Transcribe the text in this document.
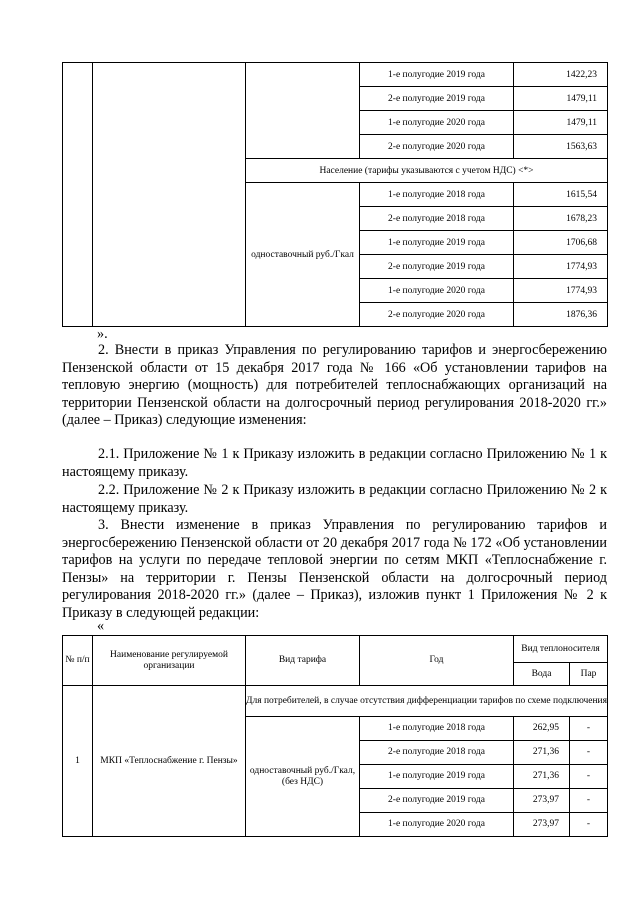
			1-е полугодие 2019 года	1422,23
			2-е полугодие 2019 года	1479,11
			1-е полугодие 2020 года	1479,11
			2-е полугодие 2020 года	1563,63
		Население (тарифы указываются с учетом НДС) <*>		
		одноставочный руб./Гкал	1-е полугодие 2018 года	1615,54
			2-е полугодие 2018 года	1678,23
			1-е полугодие 2019 года	1706,68
			2-е полугодие 2019 года	1774,93
			1-е полугодие 2020 года	1774,93
			2-е полугодие 2020 года	1876,36

».

2. Внести в приказ Управления по регулированию тарифов и энергосбережению Пензенской области от 15 декабря 2017 года № 166 «Об установлении тарифов на тепловую энергию (мощность) для потребителей теплоснабжающих организаций на территории Пензенской области на долгосрочный период регулирования 2018-2020 гг.» (далее – Приказ) следующие изменения:

2.1. Приложение № 1 к Приказу изложить в редакции согласно Приложению № 1 к настоящему приказу.

2.2. Приложение № 2 к Приказу изложить в редакции согласно Приложению № 2 к настоящему приказу.

3. Внести изменение в приказ Управления по регулированию тарифов и энергосбережению Пензенской области от 20 декабря 2017 года № 172 «Об установлении тарифов на услуги по передаче тепловой энергии по сетям МКП «Теплоснабжение г. Пензы» на территории г. Пензы Пензенской области на долгосрочный период регулирования 2018-2020 гг.» (далее – Приказ), изложив пункт 1 Приложения № 2 к Приказу в следующей редакции:

«

№ п/п	Наименование регулируемой организации	Вид тарифа	Год	Вид теплоносителя	
				Вода	Пар
1	МКП «Теплоснабжение г. Пензы»	Для потребителей, в случае отсутствия дифференциации тарифов по схеме подключения			
		одноставочный руб./Гкал, (без НДС)	1-е полугодие 2018 года	262,95	-
			2-е полугодие 2018 года	271,36	-
			1-е полугодие 2019 года	271,36	-
			2-е полугодие 2019 года	273,97	-
			1-е полугодие 2020 года	273,97	-
